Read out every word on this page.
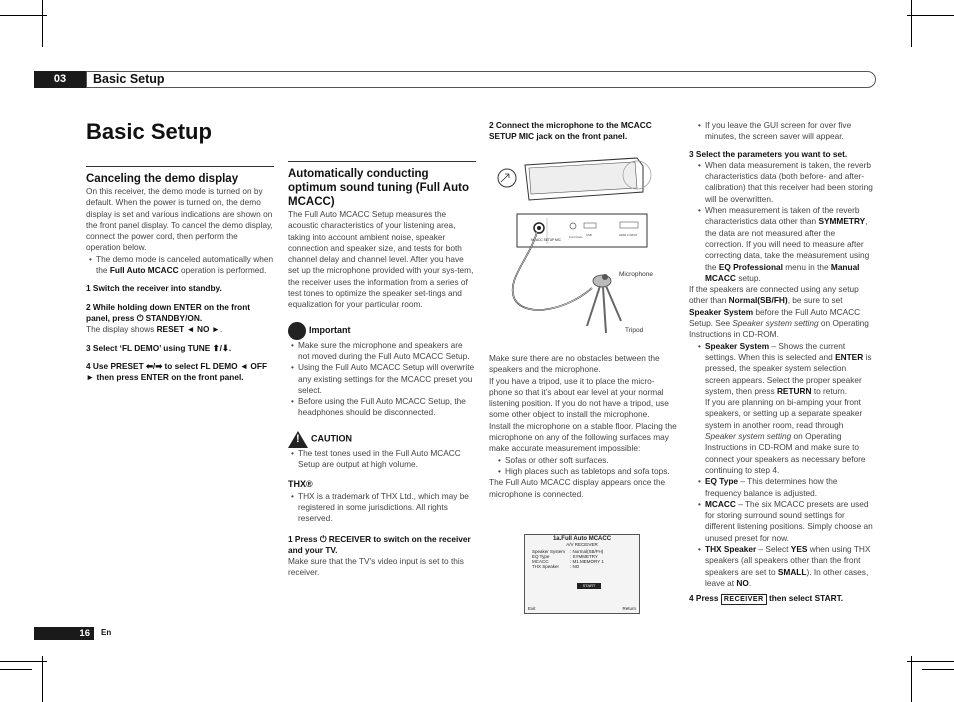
03	Basic Setup
Basic Setup

Canceling the demo display

On this receiver, the demo mode is turned on by default. When the power is turned on, the demo display is set and various indications are shown on the front panel display. To cancel the demo display, connect the power cord, then perform the operation below.

• The demo mode is canceled automatically when the Full Auto MCACC operation is performed.

1 Switch the receiver into standby.

2 While holding down ENTER on the front panel, press ⏻ STANDBY/ON.

The display shows RESET ◄ NO ►.

3 Select ‘FL DEMO’ using TUNE ⬆/⬇.

4 Use PRESET ⬅/➡ to select FL DEMO ◄ OFF ► then press ENTER on the front panel.

Automatically conducting optimum sound tuning (Full Auto MCACC)

The Full Auto MCACC Setup measures the acoustic characteristics of your listening area, taking into account ambient noise, speaker connection and speaker size, and tests for both channel delay and channel level. After you have set up the microphone provided with your sys-tem, the receiver uses the information from a series of test tones to optimize the speaker set-tings and equalization for your particular room.

Important

• Make sure the microphone and speakers are not moved during the Full Auto MCACC Setup.

• Using the Full Auto MCACC Setup will overwrite any existing settings for the MCACC preset you select.

• Before using the Full Auto MCACC Setup, the headphones should be disconnected.

!CAUTION

• The test tones used in the Full Auto MCACC Setup are output at high volume.

THX®

• THX is a trademark of THX Ltd., which may be registered in some jurisdictions. All rights reserved.

1 Press ⏻ RECEIVER to switch on the receiver and your TV.

Make sure that the TV’s video input is set to this receiver.

2 Connect the microphone to the MCACC SETUP MIC jack on the front panel.

MCACC SETUP MIC
Front Zone USB	HDMI 4 INPUT
Microphone
Tripod

Make sure there are no obstacles between the speakers and the microphone.

If you have a tripod, use it to place the micro-phone so that it’s about ear level at your normal listening position. If you do not have a tripod, use some other object to install the microphone.

Install the microphone on a stable floor. Placing the microphone on any of the following surfaces may make accurate measurement impossible:

• Sofas or other soft surfaces.

• High places such as tabletops and sofa tops.

The Full Auto MCACC display appears once the microphone is connected.

1a.Full Auto MCACC
A/V RECEIVER
Speaker System : Normal(SB/FH)
EQ Type	: SYMMETRY
MCACC	: M1.MEMORY 1
THX Speaker : NO
START
Exit	Return

• If you leave the GUI screen for over five minutes, the screen saver will appear.

3 Select the parameters you want to set.

• When data measurement is taken, the reverb characteristics data (both before- and after-calibration) that this receiver had been storing will be overwritten.

• When measurement is taken of the reverb characteristics data other than SYMMETRY, the data are not measured after the correction. If you will need to measure after correcting data, take the measurement using the EQ Professional menu in the Manual MCACC setup.

If the speakers are connected using any setup other than Normal(SB/FH), be sure to set Speaker System before the Full Auto MCACC Setup. See Speaker system setting on Operating Instructions in CD-ROM.

• Speaker System – Shows the current settings. When this is selected and ENTER is pressed, the speaker system selection screen appears. Select the proper speaker system, then press RETURN to return.

If you are planning on bi-amping your front speakers, or setting up a separate speaker system in another room, read through Speaker system setting on Operating Instructions in CD-ROM and make sure to connect your speakers as necessary before continuing to step 4.

• EQ Type – This determines how the frequency balance is adjusted.

• MCACC – The six MCACC presets are used for storing surround sound settings for different listening positions. Simply choose an unused preset for now.

• THX Speaker – Select YES when using THX speakers (all speakers other than the front speakers are set to SMALL). In other cases, leave at NO.

4 Press RECEIVER then select START.

16	En
